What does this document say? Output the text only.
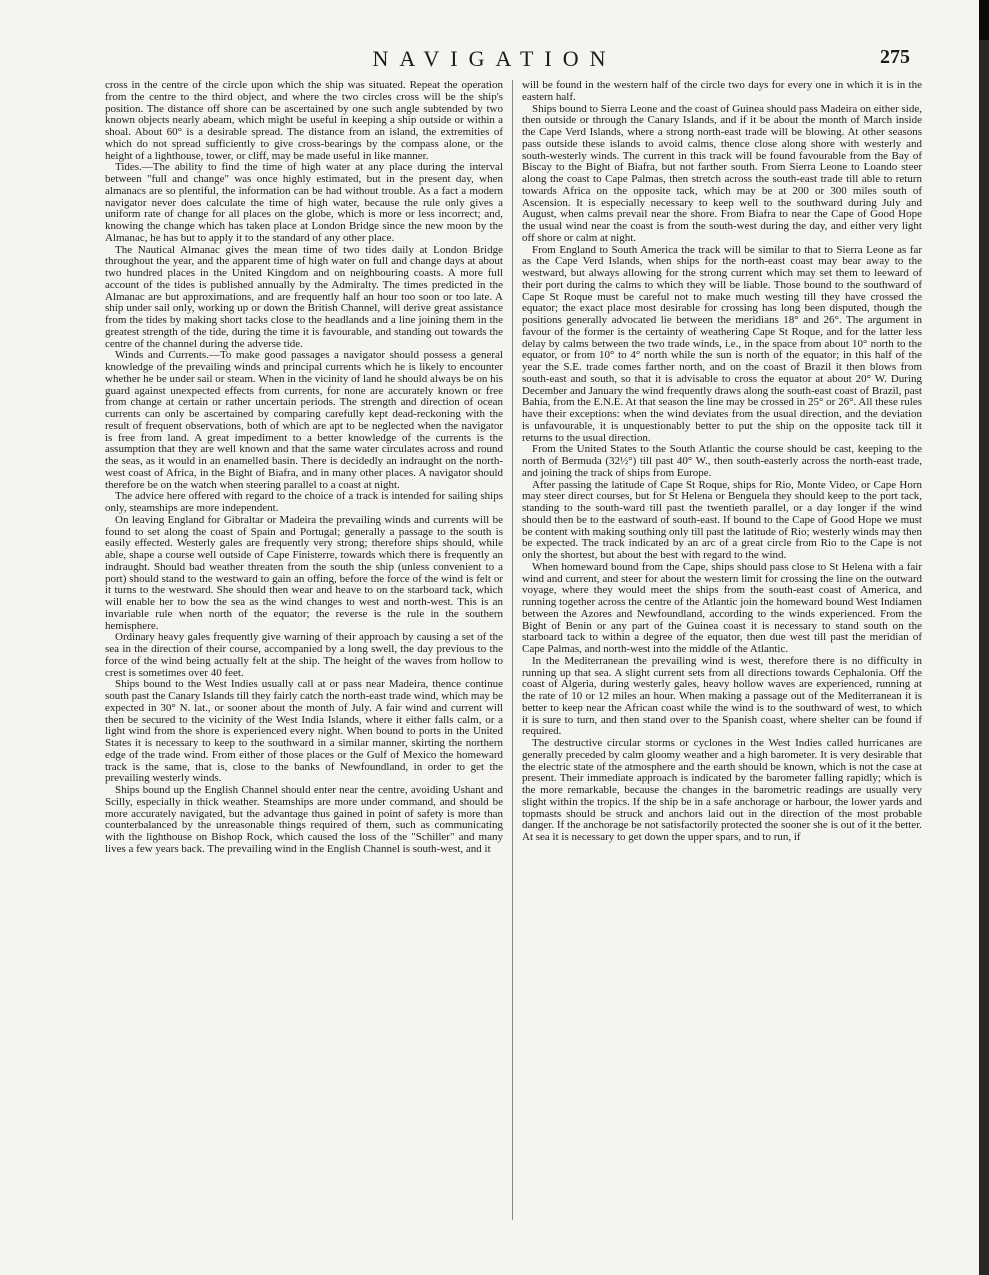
NAVIGATION	275

cross in the centre of the circle upon which the ship was situated. Repeat the operation from the centre to the third object, and where the two circles cross will be the ship's position. The distance off shore can be ascertained by one such angle subtended by two known objects nearly abeam, which might be useful in keeping a ship outside or within a shoal. About 60° is a desirable spread. The distance from an island, the extremities of which do not spread sufficiently to give cross-bearings by the compass alone, or the height of a lighthouse, tower, or cliff, may be made useful in like manner.

Tides.—The ability to find the time of high water at any place during the interval between "full and change" was once highly estimated, but in the present day, when almanacs are so plentiful, the information can be had without trouble. As a fact a modern navigator never does calculate the time of high water, because the rule only gives a uniform rate of change for all places on the globe, which is more or less incorrect; and, knowing the change which has taken place at London Bridge since the new moon by the Almanac, he has but to apply it to the standard of any other place.

The Nautical Almanac gives the mean time of two tides daily at London Bridge throughout the year, and the apparent time of high water on full and change days at about two hundred places in the United Kingdom and on neighbouring coasts. A more full account of the tides is published annually by the Admiralty. The times predicted in the Almanac are but approximations, and are frequently half an hour too soon or too late. A ship under sail only, working up or down the British Channel, will derive great assistance from the tides by making short tacks close to the headlands and a line joining them in the greatest strength of the tide, during the time it is favourable, and standing out towards the centre of the channel during the adverse tide.

Winds and Currents.—To make good passages a navigator should possess a general knowledge of the prevailing winds and principal currents which he is likely to encounter whether he be under sail or steam. When in the vicinity of land he should always be on his guard against unexpected effects from currents, for none are accurately known or free from change at certain or rather uncertain periods. The strength and direction of ocean currents can only be ascertained by comparing carefully kept dead-reckoning with the result of frequent observations, both of which are apt to be neglected when the navigator is free from land. A great impediment to a better knowledge of the currents is the assumption that they are well known and that the same water circulates across and round the seas, as it would in an enamelled basin. There is decidedly an indraught on the north-west coast of Africa, in the Bight of Biafra, and in many other places. A navigator should therefore be on the watch when steering parallel to a coast at night.

The advice here offered with regard to the choice of a track is intended for sailing ships only, steamships are more independent.

On leaving England for Gibraltar or Madeira the prevailing winds and currents will be found to set along the coast of Spain and Portugal; generally a passage to the south is easily effected. Westerly gales are frequently very strong; therefore ships should, while able, shape a course well outside of Cape Finisterre, towards which there is frequently an indraught. Should bad weather threaten from the south the ship (unless convenient to a port) should stand to the westward to gain an offing, before the force of the wind is felt or it turns to the westward. She should then wear and heave to on the starboard tack, which will enable her to bow the sea as the wind changes to west and north-west. This is an invariable rule when north of the equator; the reverse is the rule in the southern hemisphere.

Ordinary heavy gales frequently give warning of their approach by causing a set of the sea in the direction of their course, accompanied by a long swell, the day previous to the force of the wind being actually felt at the ship. The height of the waves from hollow to crest is sometimes over 40 feet.

Ships bound to the West Indies usually call at or pass near Madeira, thence continue south past the Canary Islands till they fairly catch the north-east trade wind, which may be expected in 30° N. lat., or sooner about the month of July. A fair wind and current will then be secured to the vicinity of the West India Islands, where it either falls calm, or a light wind from the shore is experienced every night. When bound to ports in the United States it is necessary to keep to the southward in a similar manner, skirting the northern edge of the trade wind. From either of those places or the Gulf of Mexico the homeward track is the same, that is, close to the banks of Newfoundland, in order to get the prevailing westerly winds.

Ships bound up the English Channel should enter near the centre, avoiding Ushant and Scilly, especially in thick weather. Steamships are more under command, and should be more accurately navigated, but the advantage thus gained in point of safety is more than counterbalanced by the unreasonable things required of them, such as communicating with the lighthouse on Bishop Rock, which caused the loss of the "Schiller" and many lives a few years back. The prevailing wind in the English Channel is south-west, and it

will be found in the western half of the circle two days for every one in which it is in the eastern half.

Ships bound to Sierra Leone and the coast of Guinea should pass Madeira on either side, then outside or through the Canary Islands, and if it be about the month of March inside the Cape Verd Islands, where a strong north-east trade will be blowing. At other seasons pass outside these islands to avoid calms, thence close along shore with westerly and south-westerly winds. The current in this track will be found favourable from the Bay of Biscay to the Bight of Biafra, but not farther south. From Sierra Leone to Loando steer along the coast to Cape Palmas, then stretch across the south-east trade till able to return towards Africa on the opposite tack, which may be at 200 or 300 miles south of Ascension. It is especially necessary to keep well to the southward during July and August, when calms prevail near the shore. From Biafra to near the Cape of Good Hope the usual wind near the coast is from the south-west during the day, and either very light off shore or calm at night.

From England to South America the track will be similar to that to Sierra Leone as far as the Cape Verd Islands, when ships for the north-east coast may bear away to the westward, but always allowing for the strong current which may set them to leeward of their port during the calms to which they will be liable. Those bound to the southward of Cape St Roque must be careful not to make much westing till they have crossed the equator; the exact place most desirable for crossing has long been disputed, though the positions generally advocated lie between the meridians 18° and 26°. The argument in favour of the former is the certainty of weathering Cape St Roque, and for the latter less delay by calms between the two trade winds, i.e., in the space from about 10° north to the equator, or from 10° to 4° north while the sun is north of the equator; in this half of the year the S.E. trade comes farther north, and on the coast of Brazil it then blows from south-east and south, so that it is advisable to cross the equator at about 20° W. During December and January the wind frequently draws along the south-east coast of Brazil, past Bahia, from the E.N.E. At that season the line may be crossed in 25° or 26°. All these rules have their exceptions: when the wind deviates from the usual direction, and the deviation is unfavourable, it is unquestionably better to put the ship on the opposite tack till it returns to the usual direction.

From the United States to the South Atlantic the course should be cast, keeping to the north of Bermuda (32½°) till past 40° W., then south-easterly across the north-east trade, and joining the track of ships from Europe.

After passing the latitude of Cape St Roque, ships for Rio, Monte Video, or Cape Horn may steer direct courses, but for St Helena or Benguela they should keep to the port tack, standing to the south-ward till past the twentieth parallel, or a day longer if the wind should then be to the eastward of south-east. If bound to the Cape of Good Hope we must be content with making southing only till past the latitude of Rio; westerly winds may then be expected. The track indicated by an arc of a great circle from Rio to the Cape is not only the shortest, but about the best with regard to the wind.

When homeward bound from the Cape, ships should pass close to St Helena with a fair wind and current, and steer for about the western limit for crossing the line on the outward voyage, where they would meet the ships from the south-east coast of America, and running together across the centre of the Atlantic join the homeward bound West Indiamen between the Azores and Newfoundland, according to the winds experienced. From the Bight of Benin or any part of the Guinea coast it is necessary to stand south on the starboard tack to within a degree of the equator, then due west till past the meridian of Cape Palmas, and north-west into the middle of the Atlantic.

In the Mediterranean the prevailing wind is west, therefore there is no difficulty in running up that sea. A slight current sets from all directions towards Cephalonia. Off the coast of Algeria, during westerly gales, heavy hollow waves are experienced, running at the rate of 10 or 12 miles an hour. When making a passage out of the Mediterranean it is better to keep near the African coast while the wind is to the southward of west, to which it is sure to turn, and then stand over to the Spanish coast, where shelter can be found if required.

The destructive circular storms or cyclones in the West Indies called hurricanes are generally preceded by calm gloomy weather and a high barometer. It is very desirable that the electric state of the atmosphere and the earth should be known, which is not the case at present. Their immediate approach is indicated by the barometer falling rapidly; which is the more remarkable, because the changes in the barometric readings are usually very slight within the tropics. If the ship be in a safe anchorage or harbour, the lower yards and topmasts should be struck and anchors laid out in the direction of the most probable danger. If the anchorage be not satisfactorily protected the sooner she is out of it the better. At sea it is necessary to get down the upper spars, and to run, if
